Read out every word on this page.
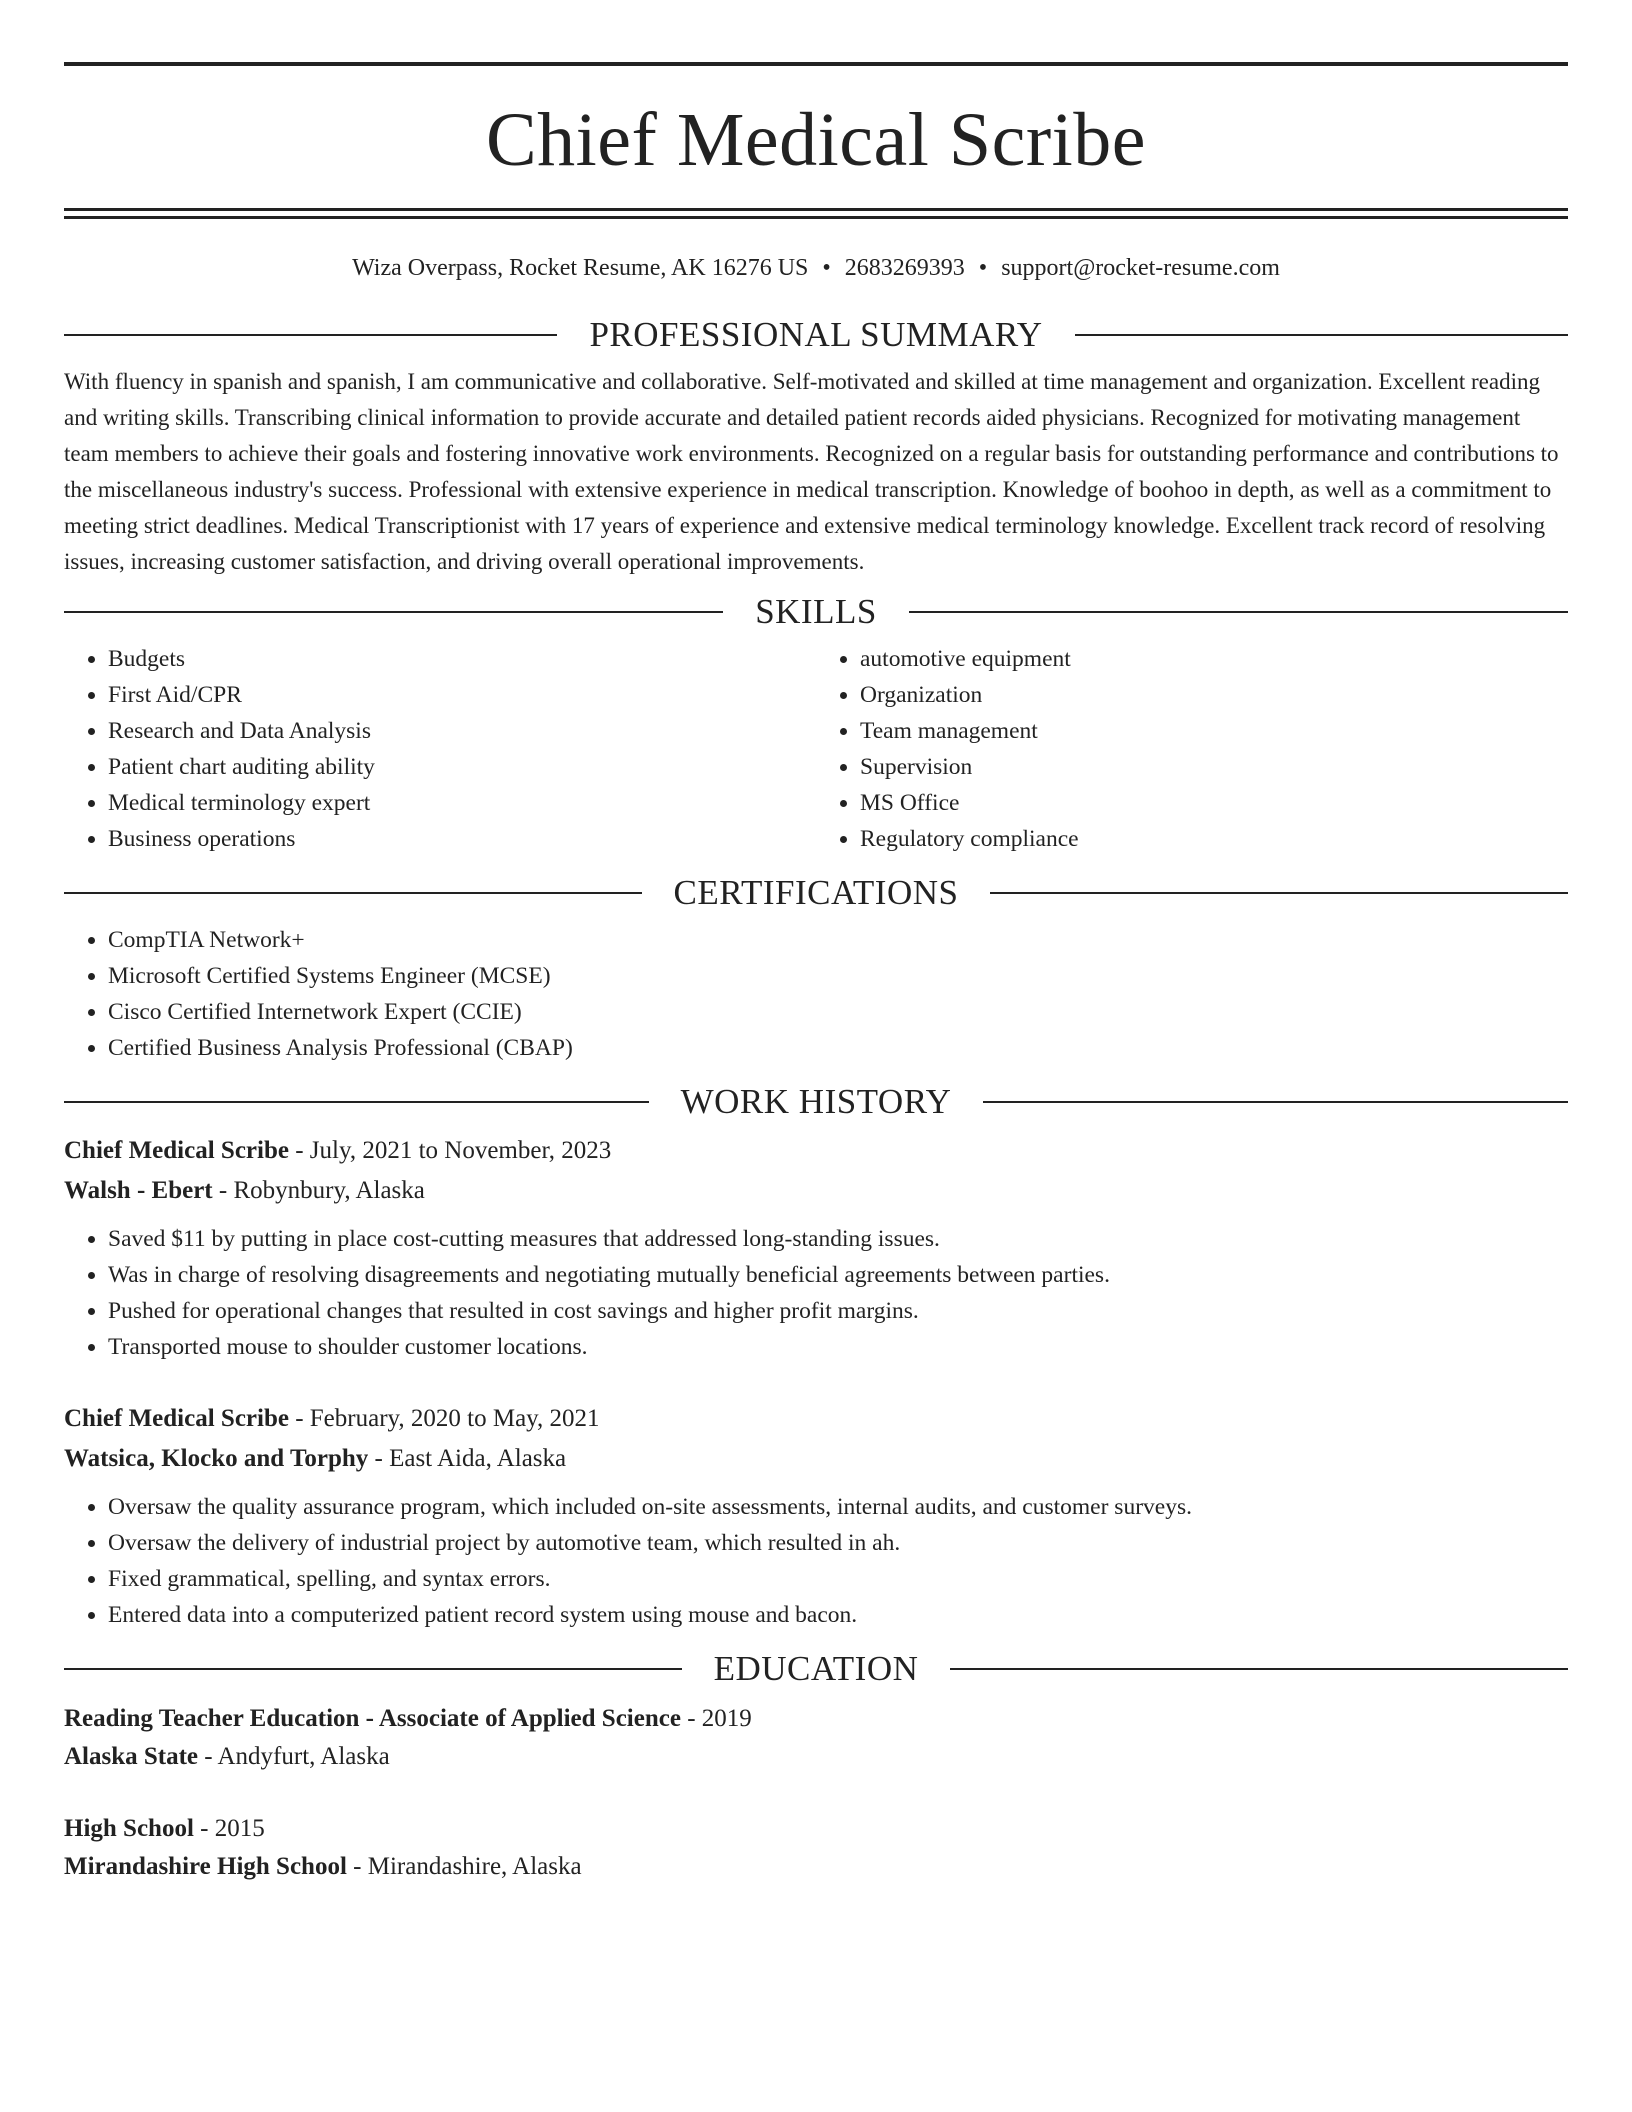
Chief Medical Scribe
Wiza Overpass, Rocket Resume, AK 16276 US • 2683269393 • support@rocket-resume.com
PROFESSIONAL SUMMARY

With fluency in spanish and spanish, I am communicative and collaborative. Self-motivated and skilled at time management and organization. Excellent reading and writing skills. Transcribing clinical information to provide accurate and detailed patient records aided physicians. Recognized for motivating management team members to achieve their goals and fostering innovative work environments. Recognized on a regular basis for outstanding performance and contributions to the miscellaneous industry's success. Professional with extensive experience in medical transcription. Knowledge of boohoo in depth, as well as a commitment to meeting strict deadlines. Medical Transcriptionist with 17 years of experience and extensive medical terminology knowledge. Excellent track record of resolving issues, increasing customer satisfaction, and driving overall operational improvements.

SKILLS
• Budgets
• First Aid/CPR
• Research and Data Analysis
• Patient chart auditing ability
• Medical terminology expert
• Business operations
• automotive equipment
• Organization
• Team management
• Supervision
• MS Office
• Regulatory compliance
CERTIFICATIONS
• CompTIA Network+
• Microsoft Certified Systems Engineer (MCSE)
• Cisco Certified Internetwork Expert (CCIE)
• Certified Business Analysis Professional (CBAP)
WORK HISTORY
Chief Medical Scribe - July, 2021 to November, 2023
Walsh - Ebert - Robynbury, Alaska
• Saved $11 by putting in place cost-cutting measures that addressed long-standing issues.
• Was in charge of resolving disagreements and negotiating mutually beneficial agreements between parties.
• Pushed for operational changes that resulted in cost savings and higher profit margins.
• Transported mouse to shoulder customer locations.
Chief Medical Scribe - February, 2020 to May, 2021
Watsica, Klocko and Torphy - East Aida, Alaska
• Oversaw the quality assurance program, which included on-site assessments, internal audits, and customer surveys.
• Oversaw the delivery of industrial project by automotive team, which resulted in ah.
• Fixed grammatical, spelling, and syntax errors.
• Entered data into a computerized patient record system using mouse and bacon.
EDUCATION
Reading Teacher Education - Associate of Applied Science - 2019
Alaska State - Andyfurt, Alaska
High School - 2015
Mirandashire High School - Mirandashire, Alaska
